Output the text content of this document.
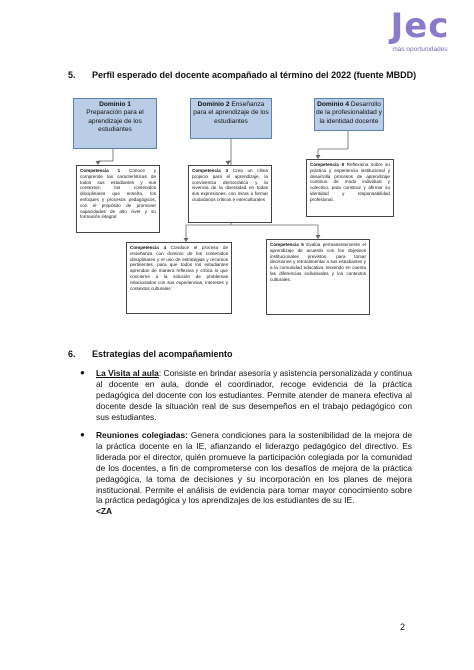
Jec
más oportunidades
5. Perfil esperado del docente acompañado al término del 2022 (fuente MBDD)
Dominio 1
Preparación para el aprendizaje de los estudiantes
Dominio 2 Enseñanza para el aprendizaje de los estudiantes
Dominio 4 Desarrollo de la profesionalidad y la identidad docente
Competencia 1 Conoce y comprende las características de todos sus estudiantes y sus contextos, los contenidos disciplinares que enseña, los enfoques y procesos pedagógicos, con el propósito de promover capacidades de alto nivel y su formación integral
Competencia 3 Crea un clima propicio para el aprendizaje, la convivencia democrática y la vivencia de la diversidad en todas sus expresiones, con miras a formar ciudadanos críticos e interculturales
Competencia 8 Reflexiona sobre su práctica y experiencia institucional y desarrolla procesos de aprendizaje continuo de modo individual y colectivo, para construir y afirmar su identidad y responsabilidad profesional.
Competencia 4 Conduce el proceso de enseñanza con dominio de los contenidos disciplinares y el uso de estrategias y recursos pertinentes, para que todos los estudiantes aprendan de manera reflexiva y crítica lo que concierne a la solución de problemas relacionados con sus experiencias, intereses y contextos culturales
Competencia 5 Evalúa permanentemente el aprendizaje de acuerdo con los objetivos institucionales previstos, para tomar decisiones y retroalimentar a sus estudiantes y a la comunidad educativa, teniendo en cuenta las diferencias individuales y los contextos culturales.
6. Estrategias del acompañamiento
● La Visita al aula: Consiste en brindar asesoría y asistencia personalizada y continua al docente en aula, donde el coordinador, recoge evidencia de la práctica pedagógica del docente con los estudiantes. Permite atender de manera efectiva al docente desde la situación real de sus desempeños en el trabajo pedagógico con sus estudiantes.
● Reuniones colegiadas: Genera condiciones para la sostenibilidad de la mejora de la práctica docente en la IE, afianzando el liderazgo pedagógico del directivo. Es liderada por el director, quién promueve la participación colegiada por la comunidad de los docentes, a fin de comprometerse con los desafíos de mejora de la práctica pedagógica, la toma de decisiones y su incorporación en los planes de mejora institucional. Permite el análisis de evidencia para tomar mayor conocimiento sobre la práctica pedagógica y los aprendizajes de los estudiantes de su IE.
<ZA
2
